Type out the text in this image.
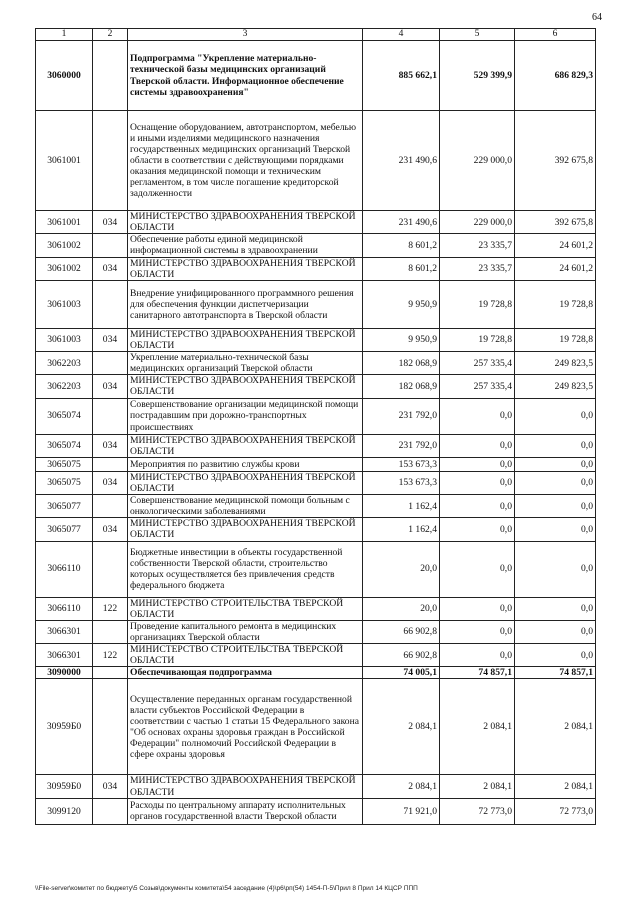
64
1	2	3	4	5	6
3060000		Подпрограмма "Укрепление материально-технической базы медицинских организаций Тверской области. Информационное обеспечение системы здравоохранения"	885 662,1	529 399,9	686 829,3
3061001		Оснащение оборудованием, автотранспортом, мебелью и иными изделиями медицинского назначения государственных медицинских организаций Тверской области в соответствии с действующими порядками оказания медицинской помощи и техническим регламентом, в том числе погашение кредиторской задолженности	231 490,6	229 000,0	392 675,8
3061001	034	МИНИСТЕРСТВО ЗДРАВООХРАНЕНИЯ ТВЕРСКОЙ ОБЛАСТИ	231 490,6	229 000,0	392 675,8
3061002		Обеспечение работы единой медицинской информационной системы в здравоохранении	8 601,2	23 335,7	24 601,2
3061002	034	МИНИСТЕРСТВО ЗДРАВООХРАНЕНИЯ ТВЕРСКОЙ ОБЛАСТИ	8 601,2	23 335,7	24 601,2
3061003		Внедрение унифицированного программного решения для обеспечения функции диспетчеризации санитарного автотранспорта в Тверской области	9 950,9	19 728,8	19 728,8
3061003	034	МИНИСТЕРСТВО ЗДРАВООХРАНЕНИЯ ТВЕРСКОЙ ОБЛАСТИ	9 950,9	19 728,8	19 728,8
3062203		Укрепление материально-технической базы медицинских организаций Тверской области	182 068,9	257 335,4	249 823,5
3062203	034	МИНИСТЕРСТВО ЗДРАВООХРАНЕНИЯ ТВЕРСКОЙ ОБЛАСТИ	182 068,9	257 335,4	249 823,5
3065074		Совершенствование организации медицинской помощи пострадавшим при дорожно-транспортных происшествиях	231 792,0	0,0	0,0
3065074	034	МИНИСТЕРСТВО ЗДРАВООХРАНЕНИЯ ТВЕРСКОЙ ОБЛАСТИ	231 792,0	0,0	0,0
3065075		Мероприятия по развитию службы крови	153 673,3	0,0	0,0
3065075	034	МИНИСТЕРСТВО ЗДРАВООХРАНЕНИЯ ТВЕРСКОЙ ОБЛАСТИ	153 673,3	0,0	0,0
3065077		Совершенствование медицинской помощи больным с онкологическими заболеваниями	1 162,4	0,0	0,0
3065077	034	МИНИСТЕРСТВО ЗДРАВООХРАНЕНИЯ ТВЕРСКОЙ ОБЛАСТИ	1 162,4	0,0	0,0
3066110		Бюджетные инвестиции в объекты государственной собственности Тверской области, строительство которых осуществляется без привлечения средств федерального бюджета	20,0	0,0	0,0
3066110	122	МИНИСТЕРСТВО СТРОИТЕЛЬСТВА ТВЕРСКОЙ ОБЛАСТИ	20,0	0,0	0,0
3066301		Проведение капитального ремонта в медицинских организациях Тверской области	66 902,8	0,0	0,0
3066301	122	МИНИСТЕРСТВО СТРОИТЕЛЬСТВА ТВЕРСКОЙ ОБЛАСТИ	66 902,8	0,0	0,0
3090000		Обеспечивающая подпрограмма	74 005,1	74 857,1	74 857,1
30959Б0		Осуществление переданных органам государственной власти субъектов Российской Федерации в соответствии с частью 1 статьи 15 Федерального закона "Об основах охраны здоровья граждан в Российской Федерации" полномочий Российской Федерации в сфере охраны здоровья	2 084,1	2 084,1	2 084,1
30959Б0	034	МИНИСТЕРСТВО ЗДРАВООХРАНЕНИЯ ТВЕРСКОЙ ОБЛАСТИ	2 084,1	2 084,1	2 084,1
3099120		Расходы по центральному аппарату исполнительных органов государственной власти Тверской области	71 921,0	72 773,0	72 773,0
\\File-server\комитет по бюджету\5 Созыв\документы комитета\54 заседание (4)\р6\рп(54) 1454-П-5\Прил 8 Прил 14 КЦСР ППП
